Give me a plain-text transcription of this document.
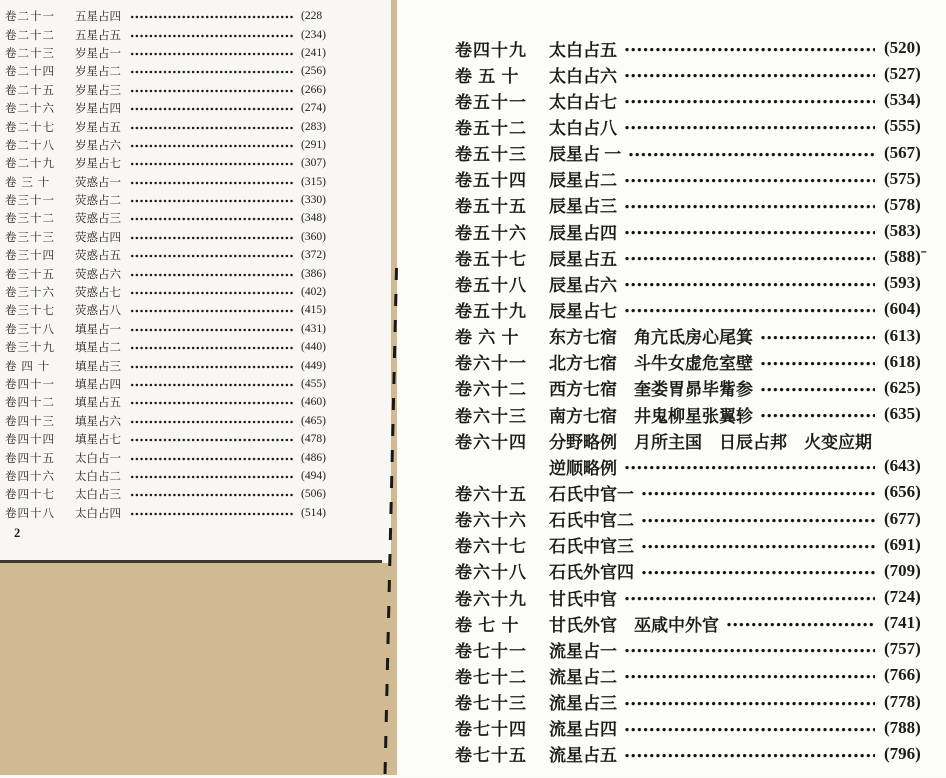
卷二十一	五星占四	(228
卷二十二	五星占五	(234)
卷二十三	岁星占一	(241)
卷二十四	岁星占二	(256)
卷二十五	岁星占三	(266)
卷二十六	岁星占四	(274)
卷二十七	岁星占五	(283)
卷二十八	岁星占六	(291)
卷二十九	岁星占七	(307)
卷 三 十	荧惑占一	(315)
卷三十一	荧惑占二	(330)
卷三十二	荧惑占三	(348)
卷三十三	荧惑占四	(360)
卷三十四	荧惑占五	(372)
卷三十五	荧惑占六	(386)
卷三十六	荧惑占七	(402)
卷三十七	荧惑占八	(415)
卷三十八	填星占一	(431)
卷三十九	填星占二	(440)
卷 四 十	填星占三	(449)
卷四十一	填星占四	(455)
卷四十二	填星占五	(460)
卷四十三	填星占六	(465)
卷四十四	填星占七	(478)
卷四十五	太白占一	(486)
卷四十六	太白占二	(494)
卷四十七	太白占三	(506)
卷四十八	太白占四	(514)
2
卷四十九	太白占五	(520)
卷 五 十	太白占六	(527)
卷五十一	太白占七	(534)
卷五十二	太白占八	(555)
卷五十三	辰星占 一	(567)
卷五十四	辰星占二	(575)
卷五十五	辰星占三	(578)
卷五十六	辰星占四	(583)
卷五十七	辰星占五	(588)ˉ
卷五十八	辰星占六	(593)
卷五十九	辰星占七	(604)
卷 六 十	东方七宿　角亢氐房心尾箕	(613)
卷六十一	北方七宿　斗牛女虚危室壁	(618)
卷六十二	西方七宿　奎娄胃昴毕觜参	(625)
卷六十三	南方七宿　井鬼柳星张翼轸	(635)
卷六十四	分野略例　月所主国　日辰占邦　火变应期
逆顺略例	(643)
卷六十五	石氏中官一	(656)
卷六十六	石氏中官二	(677)
卷六十七	石氏中官三	(691)
卷六十八	石氏外官四	(709)
卷六十九	甘氏中官	(724)
卷 七 十	甘氏外官　巫咸中外官	(741)
卷七十一	流星占一	(757)
卷七十二	流星占二	(766)
卷七十三	流星占三	(778)
卷七十四	流星占四	(788)
卷七十五	流星占五	(796)
